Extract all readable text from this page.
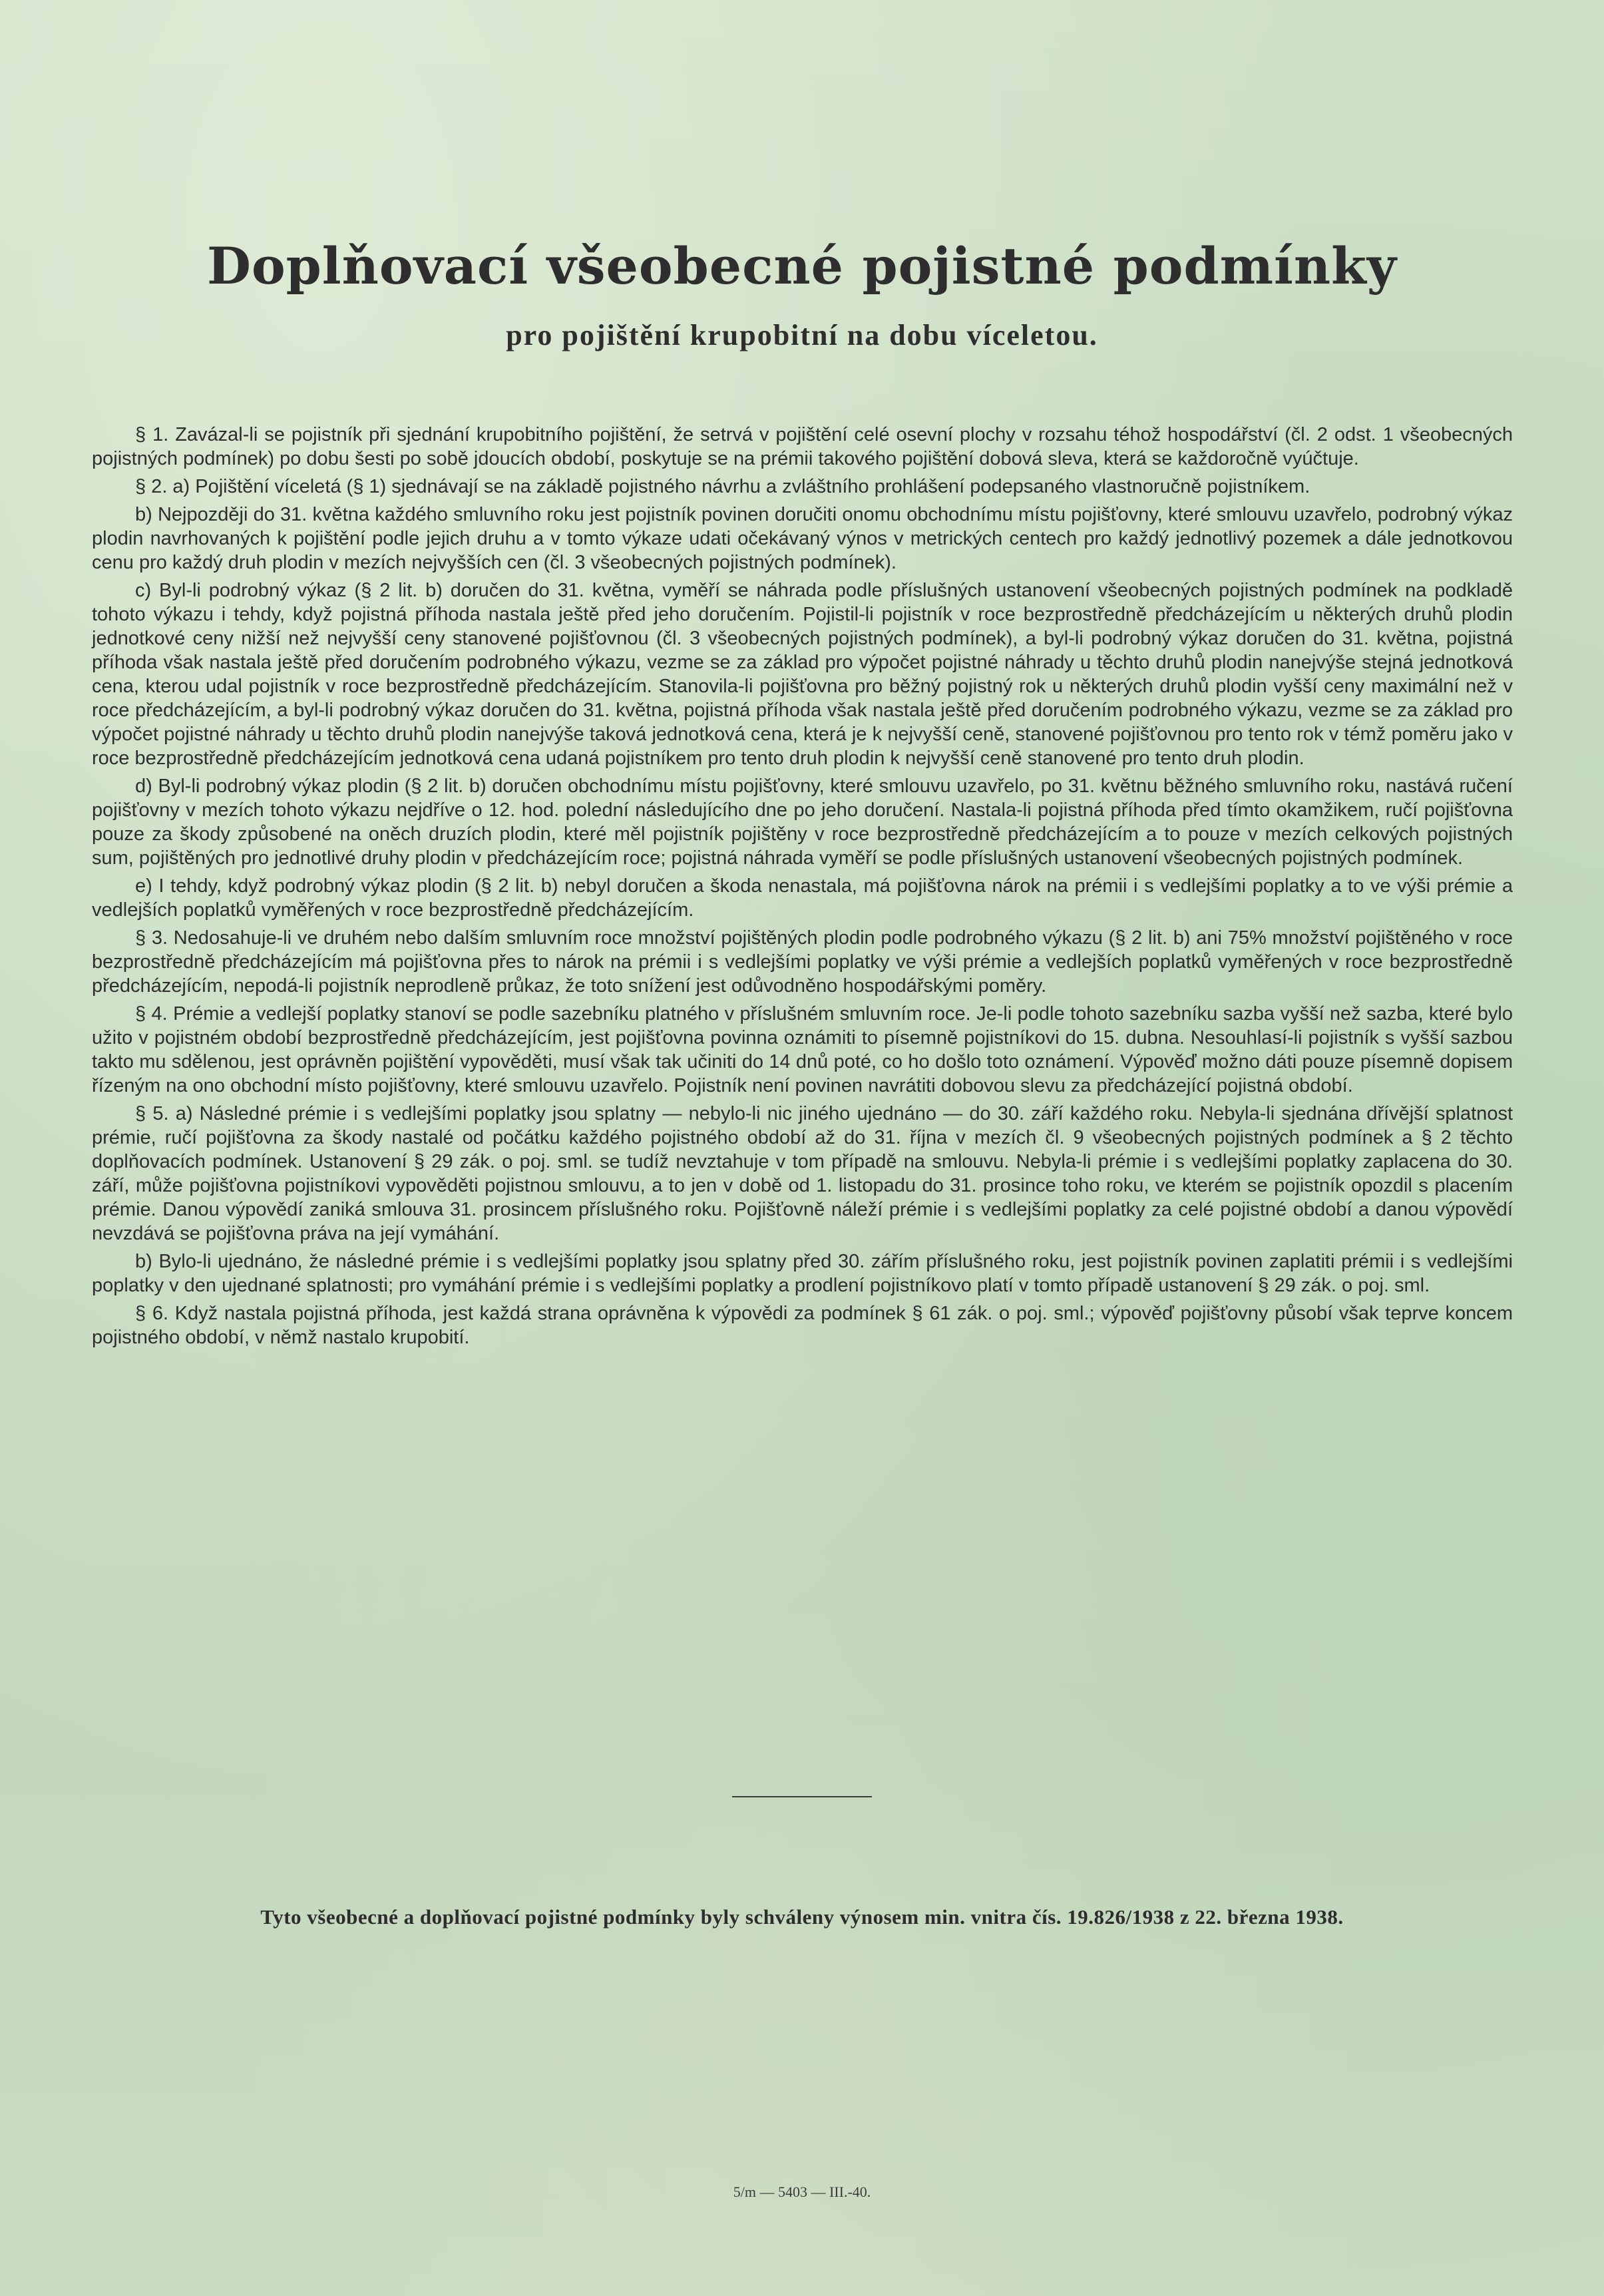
Doplňovací všeobecné pojistné podmínky
pro pojištění krupobitní na dobu víceletou.

§ 1. Zavázal-li se pojistník při sjednání krupobitního pojištění, že setrvá v pojištění celé osevní plochy v rozsahu téhož hospodářství (čl. 2 odst. 1 všeobecných pojistných podmínek) po dobu šesti po sobě jdoucích období, poskytuje se na prémii takového pojištění dobová sleva, která se každoročně vyúčtuje.

§ 2. a) Pojištění víceletá (§ 1) sjednávají se na základě pojistného návrhu a zvláštního prohlášení podepsaného vlastnoručně pojistníkem.

b) Nejpozději do 31. května každého smluvního roku jest pojistník povinen doručiti onomu obchodnímu místu pojišťovny, které smlouvu uzavřelo, podrobný výkaz plodin navrhovaných k pojištění podle jejich druhu a v tomto výkaze udati očekávaný výnos v metrických centech pro každý jednotlivý pozemek a dále jednotkovou cenu pro každý druh plodin v mezích nejvyšších cen (čl. 3 všeobecných pojistných podmínek).

c) Byl-li podrobný výkaz (§ 2 lit. b) doručen do 31. května, vyměří se náhrada podle příslušných ustanovení všeobecných pojistných podmínek na podkladě tohoto výkazu i tehdy, když pojistná příhoda nastala ještě před jeho doručením. Pojistil-li pojistník v roce bezprostředně předcházejícím u některých druhů plodin jednotkové ceny nižší než nejvyšší ceny stanovené pojišťovnou (čl. 3 všeobecných pojistných podmínek), a byl-li podrobný výkaz doručen do 31. května, pojistná příhoda však nastala ještě před doručením podrobného výkazu, vezme se za základ pro výpočet pojistné náhrady u těchto druhů plodin nanejvýše stejná jednotková cena, kterou udal pojistník v roce bezprostředně předcházejícím. Stanovila-li pojišťovna pro běžný pojistný rok u některých druhů plodin vyšší ceny maximální než v roce předcházejícím, a byl-li podrobný výkaz doručen do 31. května, pojistná příhoda však nastala ještě před doručením podrobného výkazu, vezme se za základ pro výpočet pojistné náhrady u těchto druhů plodin nanejvýše taková jednotková cena, která je k nejvyšší ceně, stanovené pojišťovnou pro tento rok v témž poměru jako v roce bezprostředně předcházejícím jednotková cena udaná pojistníkem pro tento druh plodin k nejvyšší ceně stanovené pro tento druh plodin.

d) Byl-li podrobný výkaz plodin (§ 2 lit. b) doručen obchodnímu místu pojišťovny, které smlouvu uzavřelo, po 31. květnu běžného smluvního roku, nastává ručení pojišťovny v mezích tohoto výkazu nejdříve o 12. hod. polední následujícího dne po jeho doručení. Nastala-li pojistná příhoda před tímto okamžikem, ručí pojišťovna pouze za škody způsobené na oněch druzích plodin, které měl pojistník pojištěny v roce bezprostředně předcházejícím a to pouze v mezích celkových pojistných sum, pojištěných pro jednotlivé druhy plodin v předcházejícím roce; pojistná náhrada vyměří se podle příslušných ustanovení všeobecných pojistných podmínek.

e) I tehdy, když podrobný výkaz plodin (§ 2 lit. b) nebyl doručen a škoda nenastala, má pojišťovna nárok na prémii i s vedlejšími poplatky a to ve výši prémie a vedlejších poplatků vyměřených v roce bezprostředně předcházejícím.

§ 3. Nedosahuje-li ve druhém nebo dalším smluvním roce množství pojištěných plodin podle podrobného výkazu (§ 2 lit. b) ani 75% množství pojištěného v roce bezprostředně předcházejícím má pojišťovna přes to nárok na prémii i s vedlejšími poplatky ve výši prémie a vedlejších poplatků vyměřených v roce bezprostředně předcházejícím, nepodá-li pojistník neprodleně průkaz, že toto snížení jest odůvodněno hospodářskými poměry.

§ 4. Prémie a vedlejší poplatky stanoví se podle sazebníku platného v příslušném smluvním roce. Je-li podle tohoto sazebníku sazba vyšší než sazba, které bylo užito v pojistném období bezprostředně předcházejícím, jest pojišťovna povinna oznámiti to písemně pojistníkovi do 15. dubna. Nesouhlasí-li pojistník s vyšší sazbou takto mu sdělenou, jest oprávněn pojištění vypověděti, musí však tak učiniti do 14 dnů poté, co ho došlo toto oznámení. Výpověď možno dáti pouze písemně dopisem řízeným na ono obchodní místo pojišťovny, které smlouvu uzavřelo. Pojistník není povinen navrátiti dobovou slevu za předcházející pojistná období.

§ 5. a) Následné prémie i s vedlejšími poplatky jsou splatny — nebylo-li nic jiného ujednáno — do 30. září každého roku. Nebyla-li sjednána dřívější splatnost prémie, ručí pojišťovna za škody nastalé od počátku každého pojistného období až do 31. října v mezích čl. 9 všeobecných pojistných podmínek a § 2 těchto doplňovacích podmínek. Ustanovení § 29 zák. o poj. sml. se tudíž nevztahuje v tom případě na smlouvu. Nebyla-li prémie i s vedlejšími poplatky zaplacena do 30. září, může pojišťovna pojistníkovi vypověděti pojistnou smlouvu, a to jen v době od 1. listopadu do 31. prosince toho roku, ve kterém se pojistník opozdil s placením prémie. Danou výpovědí zaniká smlouva 31. prosincem příslušného roku. Pojišťovně náleží prémie i s vedlejšími poplatky za celé pojistné období a danou výpovědí nevzdává se pojišťovna práva na její vymáhání.

b) Bylo-li ujednáno, že následné prémie i s vedlejšími poplatky jsou splatny před 30. zářím příslušného roku, jest pojistník povinen zaplatiti prémii i s vedlejšími poplatky v den ujednané splatnosti; pro vymáhání prémie i s vedlejšími poplatky a prodlení pojistníkovo platí v tomto případě ustanovení § 29 zák. o poj. sml.

§ 6. Když nastala pojistná příhoda, jest každá strana oprávněna k výpovědi za podmínek § 61 zák. o poj. sml.; výpověď pojišťovny působí však teprve koncem pojistného období, v němž nastalo krupobití.

Tyto všeobecné a doplňovací pojistné podmínky byly schváleny výnosem min. vnitra čís. 19.826/1938 z 22. března 1938.
5/m — 5403 — III.-40.
